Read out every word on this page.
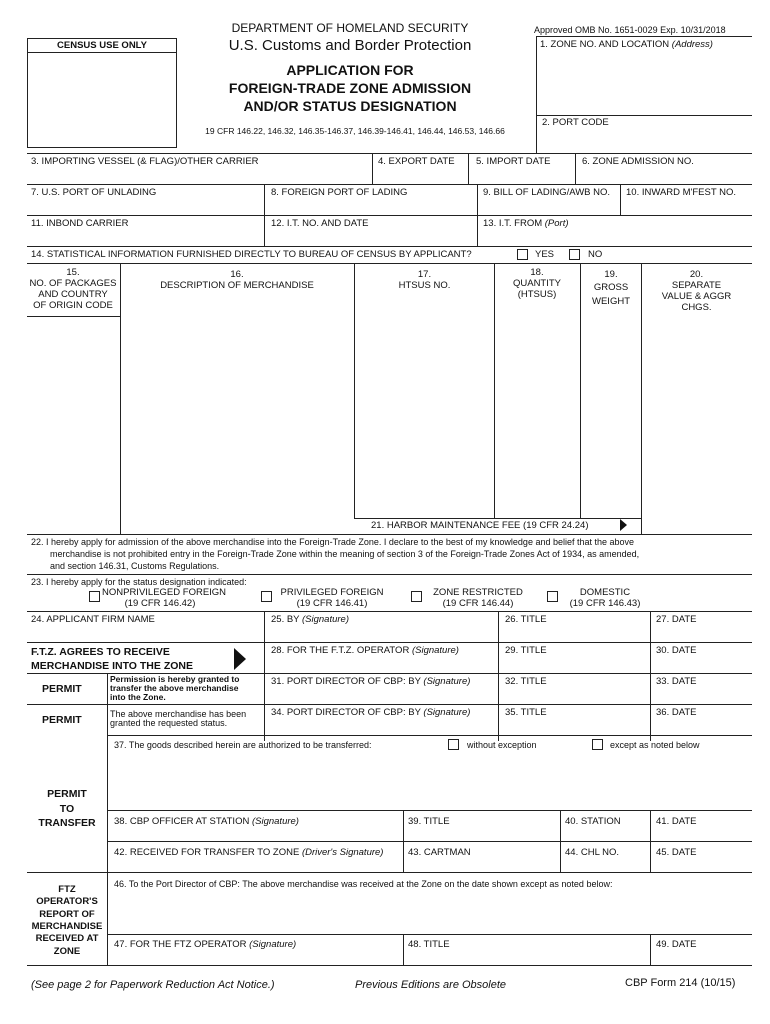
CENSUS USE ONLY
DEPARTMENT OF HOMELAND SECURITY
U.S. Customs and Border Protection
APPLICATION FOR
FOREIGN-TRADE ZONE ADMISSION
AND/OR STATUS DESIGNATION
19 CFR 146.22, 146.32, 146.35-146.37, 146.39-146.41, 146.44, 146.53, 146.66
Approved OMB No. 1651-0029 Exp. 10/31/2018
1. ZONE NO. AND LOCATION (Address)
2. PORT CODE
3. IMPORTING VESSEL (& FLAG)/OTHER CARRIER	4. EXPORT DATE 5. IMPORT DATE	6. ZONE ADMISSION NO.
7. U.S. PORT OF UNLADING	8. FOREIGN PORT OF LADING	9. BILL OF LADING/AWB NO. 10. INWARD M'FEST NO.
11. INBOND CARRIER	12. I.T. NO. AND DATE	13. I.T. FROM (Port)
14. STATISTICAL INFORMATION FURNISHED DIRECTLY TO BUREAU OF CENSUS BY APPLICANT?	YES	NO
15.
NO. OF PACKAGES
AND COUNTRY
OF ORIGIN CODE
16.
DESCRIPTION OF MERCHANDISE
17.
HTSUS NO.
18.
QUANTITY
(HTSUS)
19.
GROSS
WEIGHT
20.
SEPARATE
VALUE & AGGR
CHGS.
21. HARBOR MAINTENANCE FEE (19 CFR 24.24)
22. I hereby apply for admission of the above merchandise into the Foreign-Trade Zone. I declare to the best of my knowledge and belief that the above
merchandise is not prohibited entry in the Foreign-Trade Zone within the meaning of section 3 of the Foreign-Trade Zones Act of 1934, as amended,
and section 146.31, Customs Regulations.
23. I hereby apply for the status designation indicated:
NONPRIVILEGED FOREIGN
(19 CFR 146.42)
PRIVILEGED FOREIGN
(19 CFR 146.41)
ZONE RESTRICTED
(19 CFR 146.44)
DOMESTIC
(19 CFR 146.43)
24. APPLICANT FIRM NAME	25. BY (Signature)	26. TITLE	27. DATE
F.T.Z. AGREES TO RECEIVE
MERCHANDISE INTO THE ZONE
28. FOR THE F.T.Z. OPERATOR (Signature)	29. TITLE	30. DATE
PERMIT
Permission is hereby granted to
transfer the above merchandise
into the Zone.
31. PORT DIRECTOR OF CBP: BY (Signature)	32. TITLE	33. DATE
PERMIT	The above merchandise has been
granted the requested status.
34. PORT DIRECTOR OF CBP: BY (Signature)	35. TITLE	36. DATE
PERMIT
TO
TRANSFER
37. The goods described herein are authorized to be transferred:	without exception	except as noted below
38. CBP OFFICER AT STATION (Signature)	39. TITLE	40. STATION	41. DATE
42. RECEIVED FOR TRANSFER TO ZONE (Driver's Signature)	43. CARTMAN	44. CHL NO.	45. DATE
FTZ
OPERATOR'S
REPORT OF
MERCHANDISE
RECEIVED AT
ZONE
46. To the Port Director of CBP: The above merchandise was received at the Zone on the date shown except as noted below:
47. FOR THE FTZ OPERATOR (Signature)	48. TITLE	49. DATE
(See page 2 for Paperwork Reduction Act Notice.)	Previous Editions are Obsolete	CBP Form 214 (10/15)
